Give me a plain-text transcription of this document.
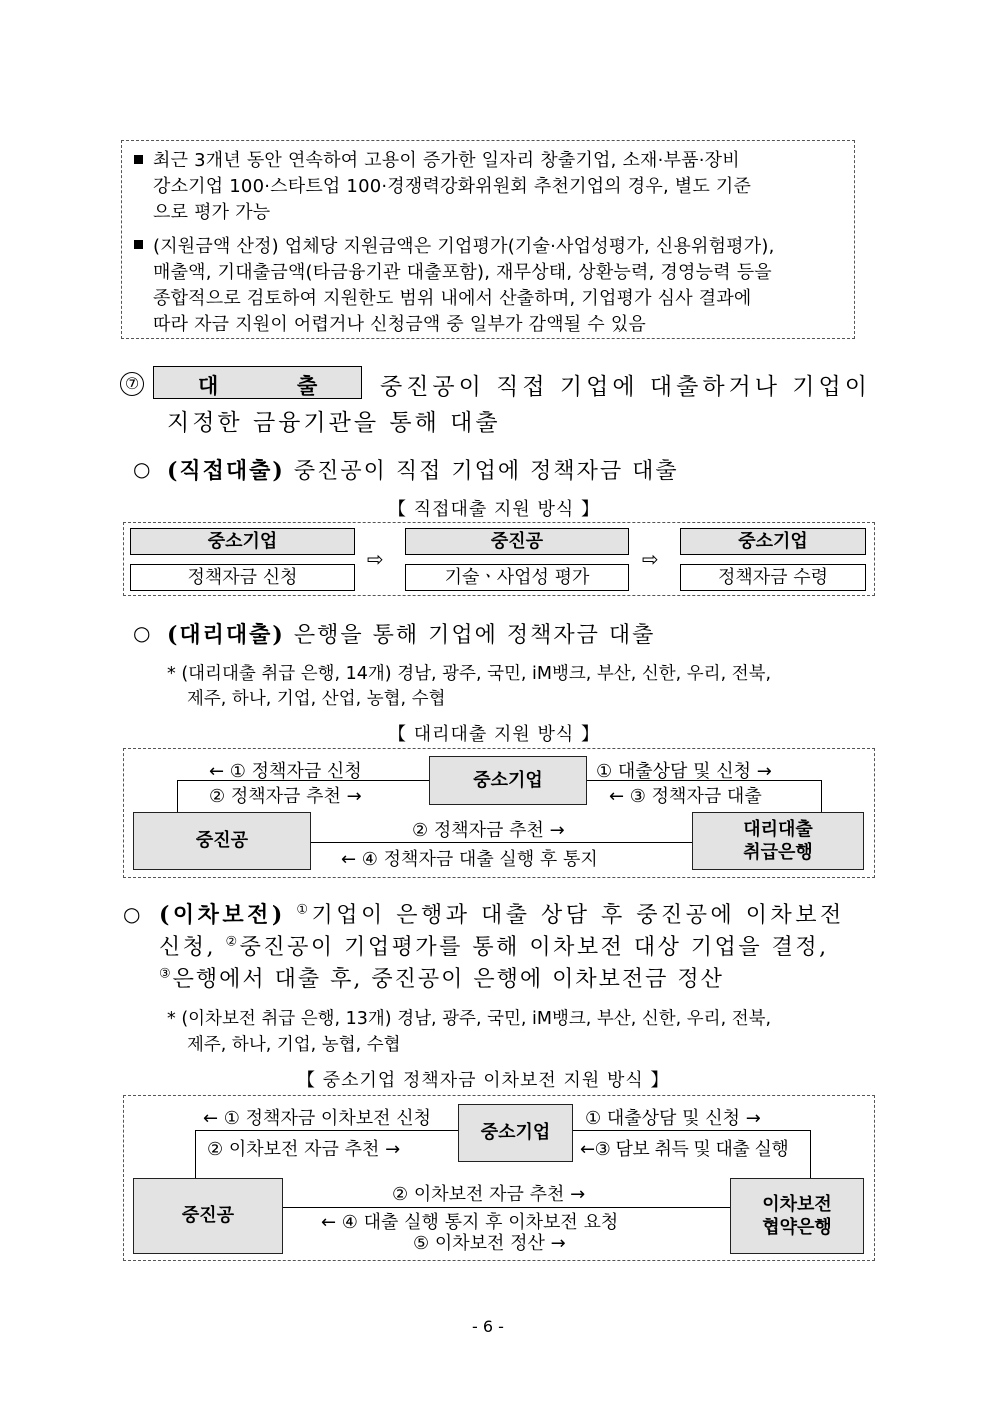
최근 3개년 동안 연속하여 고용이 증가한 일자리 창출기업, 소재·부품·장비
강소기업 100·스타트업 100·경쟁력강화위원회 추천기업의 경우, 별도 기준
으로 평가 가능
(지원금액 산정) 업체당 지원금액은 기업평가(기술·사업성평가, 신용위험평가),
매출액, 기대출금액(타금융기관 대출포함), 재무상태, 상환능력, 경영능력 등을
종합적으로 검토하여 지원한도 범위 내에서 산출하며, 기업평가 심사 결과에
따라 자금 지원이 어렵거나 신청금액 중 일부가 감액될 수 있음
⑦	대	출	중진공이 직접 기업에 대출하거나 기업이
지정한 금융기관을 통해 대출
○ (직접대출) 중진공이 직접 기업에 정책자금 대출
【 직접대출 지원 방식 】
중소기업
정책자금 신청
⇨
중진공
기술ㆍ사업성 평가
⇨
중소기업
정책자금 수령
○ (대리대출) 은행을 통해 기업에 정책자금 대출
* (대리대출 취급 은행, 14개) 경남, 광주, 국민, iM뱅크, 부산, 신한, 우리, 전북,
제주, 하나, 기업, 산업, 농협, 수협
【 대리대출 지원 방식 】
중소기업
중진공
대리대출
취급은행
← ① 정책자금 신청
② 정책자금 추천 →
① 대출상담 및 신청 →
← ③ 정책자금 대출
② 정책자금 추천 →
← ④ 정책자금 대출 실행 후 통지
○ (이차보전) ①기업이 은행과 대출 상담 후 중진공에 이차보전
신청, ②중진공이 기업평가를 통해 이차보전 대상 기업을 결정,
③은행에서 대출 후, 중진공이 은행에 이차보전금 정산
* (이차보전 취급 은행, 13개) 경남, 광주, 국민, iM뱅크, 부산, 신한, 우리, 전북,
제주, 하나, 기업, 농협, 수협
【 중소기업 정책자금 이차보전 지원 방식 】
중소기업
중진공
이차보전
협약은행
← ① 정책자금 이차보전 신청
② 이차보전 자금 추천 →
① 대출상담 및 신청 →
←③ 담보 취득 및 대출 실행
② 이차보전 자금 추천 →
← ④ 대출 실행 통지 후 이차보전 요청
⑤ 이차보전 정산 →
- 6 -
